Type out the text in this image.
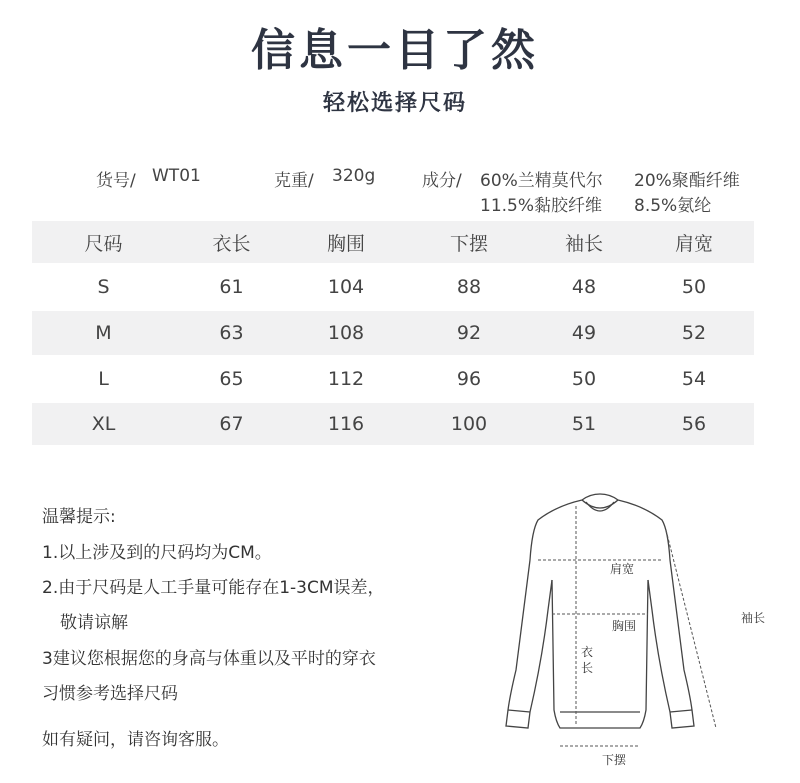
信息一目了然
轻松选择尺码
货号/ WT01	克重/ 320g	成分/ 60%兰精莫代尔 20%聚酯纤维
11.5%黏胶纤维 8.5%氨纶
尺码	衣长	胸围	下摆	袖长	肩宽
S	61	104	88	48	50
M	63	108	92	49	52
L	65	112	96	50	54
XL	67	116	100	51	56
温馨提示:
1.以上涉及到的尺码均为CM。
2.由于尺码是人工手量可能存在1-3CM误差，
敬请谅解
3建议您根据您的身高与体重以及平时的穿衣
习惯参考选择尺码
如有疑问，请咨询客服。
肩宽
胸围
衣
长
袖长
下摆
